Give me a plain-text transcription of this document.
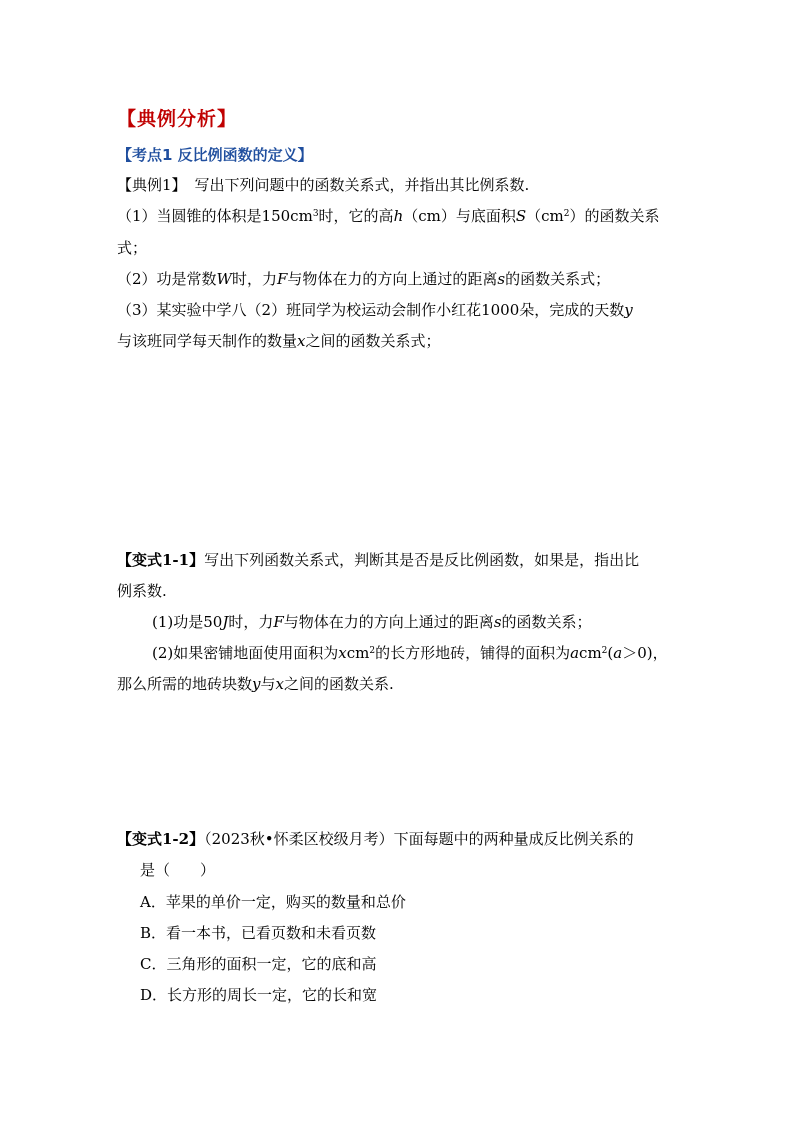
【典例分析】
【考点1 反比例函数的定义】
【典例1】 写出下列问题中的函数关系式，并指出其比例系数.
（1）当圆锥的体积是$150cm^3$时，它的高h（cm）与底面积$S(cm^2)$的函数关系
式；
（2）功是常数W时，力F与物体在力的方向上通过的距离s的函数关系式；
（3）某实验中学八（2）班同学为校运动会制作小红花1000朵，完成的天数y
与该班同学每天制作的数量x之间的函数关系式；
【变式1-1】写出下列函数关系式，判断其是否是反比例函数，如果是，指出比
例系数.
(1)功是50J时，力F与物体在力的方向上通过的距离s的函数关系；
(2)如果密铺地面使用面积为xcm$^2$的长方形地砖，铺得的面积为acm$^2$(a＞0)，
那么所需的地砖块数y与x之间的函数关系.
【变式1-2】（2023秋•怀柔区校级月考）下面每题中的两种量成反比例关系的
是（　　）
A．苹果的单价一定，购买的数量和总价
B．看一本书，已看页数和未看页数
C．三角形的面积一定，它的底和高
D．长方形的周长一定，它的长和宽
